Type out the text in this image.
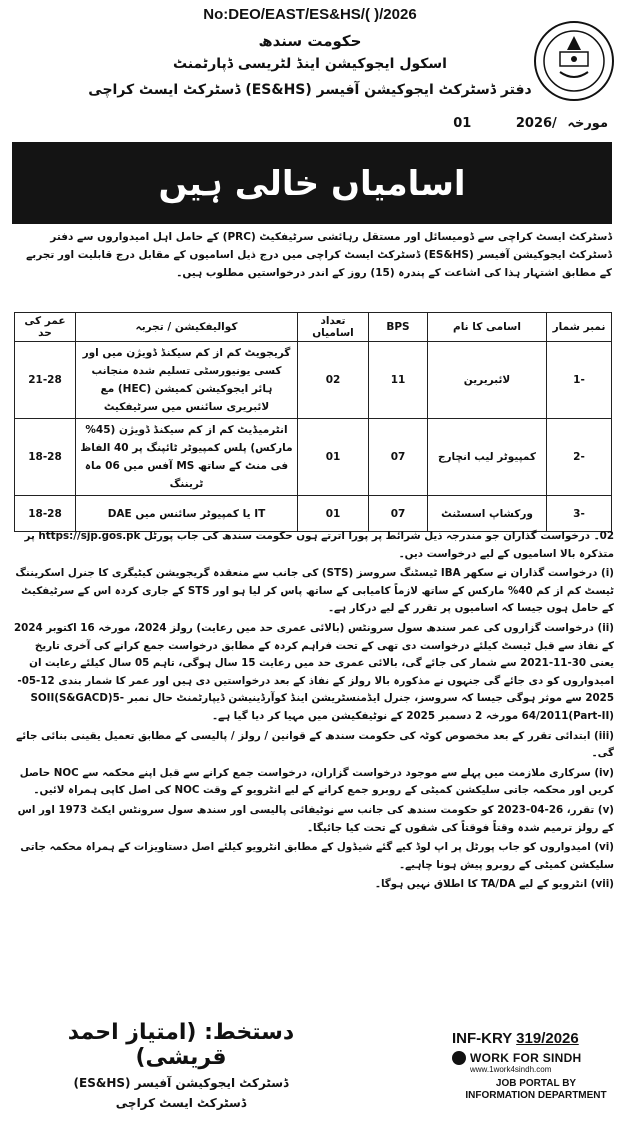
No:DEO/EAST/ES&HS/( )/2026
حکومت سندھ
اسکول ایجوکیشن اینڈ لٹریسی ڈپارٹمنٹ
دفتر ڈسٹرکٹ ایجوکیشن آفیسر (ES&HS) ڈسٹرکٹ ایسٹ کراچی
مورخہ 2026/ 01
اسامیاں خالی ہیں
ڈسٹرکٹ ایسٹ کراچی سے ڈومیسائل اور مستقل رہائشی سرٹیفکیٹ (PRC) کے حامل اہل امیدواروں سے دفتر ڈسٹرکٹ ایجوکیشن آفیسر (ES&HS) ڈسٹرکٹ ایسٹ کراچی میں درج ذیل اسامیوں کے مقابل درج قابلیت اور تجربے کے مطابق اشتہار ہذا کی اشاعت کے پندرہ (15) روز کے اندر درخواستیں مطلوب ہیں۔
نمبر شمار	اسامی کا نام	BPS	تعداد اسامیاں	کوالیفکیشن / تجربہ	عمر کی حد
-1	لائبریرین	11	02	گریجویٹ کم از کم سیکنڈ ڈویژن میں اور کسی یونیورسٹی تسلیم شدہ منجانب ہائر ایجوکیشن کمیشن (HEC) مع لائبریری سائنس میں سرٹیفکیٹ	21-28
-2	کمپیوٹر لیب انچارج	07	01	انٹرمیڈیٹ کم از کم سیکنڈ ڈویژن (45% مارکس) پلس کمپیوٹر ٹائپنگ پر 40 الفاظ فی منٹ کے ساتھ MS آفس میں 06 ماہ ٹریننگ	18-28
-3	ورکشاپ اسسٹنٹ	07	01	IT یا کمپیوٹر سائنس میں DAE	18-28

02۔ درخواست گذاران جو مندرجہ ذیل شرائط پر پورا اترتے ہوں حکومت سندھ کی جاب پورٹل https://sjp.gos.pk پر متذکرہ بالا اسامیوں کے لیے درخواست دیں۔

(i) درخواست گذاران نے سکھر IBA ٹیسٹنگ سروسز (STS) کی جانب سے منعقدہ گریجویشن کیٹیگری کا جنرل اسکریننگ ٹیسٹ کم از کم 40% مارکس کے ساتھ لازماً کامیابی کے ساتھ پاس کر لیا ہو اور STS کے جاری کردہ اس کے سرٹیفکیٹ کے حامل ہوں جیسا کہ اسامیوں پر تقرر کے لیے درکار ہے۔

(ii) درخواست گزاروں کی عمر سندھ سول سرونٹس (بالائی عمری حد میں رعایت) رولز 2024، مورخہ 16 اکتوبر 2024 کے نفاذ سے قبل ٹیسٹ کیلئے درخواست دی تھی کے تحت فراہم کردہ کے مطابق درخواست جمع کرانے کی آخری تاریخ یعنی 30-11-2021 سے شمار کی جائے گی، بالائی عمری حد میں رعایت 15 سال ہوگی، تاہم 05 سال کیلئے رعایت ان امیدواروں کو دی جائے گی جنہوں نے مذکورہ بالا رولز کے نفاذ کے بعد درخواستیں دی ہیں اور عمر کا شمار بندی 12-05-2025 سے موثر ہوگی جیسا کہ سروسز، جنرل ایڈمنسٹریشن اینڈ کوآرڈینیشن ڈیپارٹمنٹ حال نمبر SOII(S&GACD)5-64/2011(Part-II) مورخہ 2 دسمبر 2025 کے نوٹیفکیشن میں مہیا کر دیا گیا ہے۔

(iii) ابتدائی تقرر کے بعد مخصوص کوٹہ کی حکومت سندھ کے قوانین / رولز / پالیسی کے مطابق تعمیل یقینی بنائی جائے گی۔

(iv) سرکاری ملازمت میں پہلے سے موجود درخواست گزاران، درخواست جمع کرانے سے قبل اپنے محکمہ سے NOC حاصل کریں اور محکمہ جاتی سلیکشن کمیٹی کے روبرو جمع کرانے کے لیے انٹرویو کے وقت NOC کی اصل کاپی ہمراہ لائیں۔

(v) تقرر، 26-04-2023 کو حکومت سندھ کی جانب سے نوٹیفائی پالیسی اور سندھ سول سرونٹس ایکٹ 1973 اور اس کے رولز ترمیم شدہ وقتاً فوقتاً کی شقوں کے تحت کیا جائیگا۔

(vi) امیدواروں کو جاب پورٹل پر اپ لوڈ کیے گئے شیڈول کے مطابق انٹرویو کیلئے اصل دستاویزات کے ہمراہ محکمہ جاتی سلیکشن کمیٹی کے روبرو پیش ہونا چاہیے۔

(vii) انٹرویو کے لیے TA/DA کا اطلاق نہیں ہوگا۔

دستخط: (امتیاز احمد قریشی)
ڈسٹرکٹ ایجوکیشن آفیسر (ES&HS)
ڈسٹرکٹ ایسٹ کراچی
INF-KRY 319/2026
WORK FOR SINDH
www.1work4sindh.com
JOB PORTAL BY
INFORMATION DEPARTMENT
